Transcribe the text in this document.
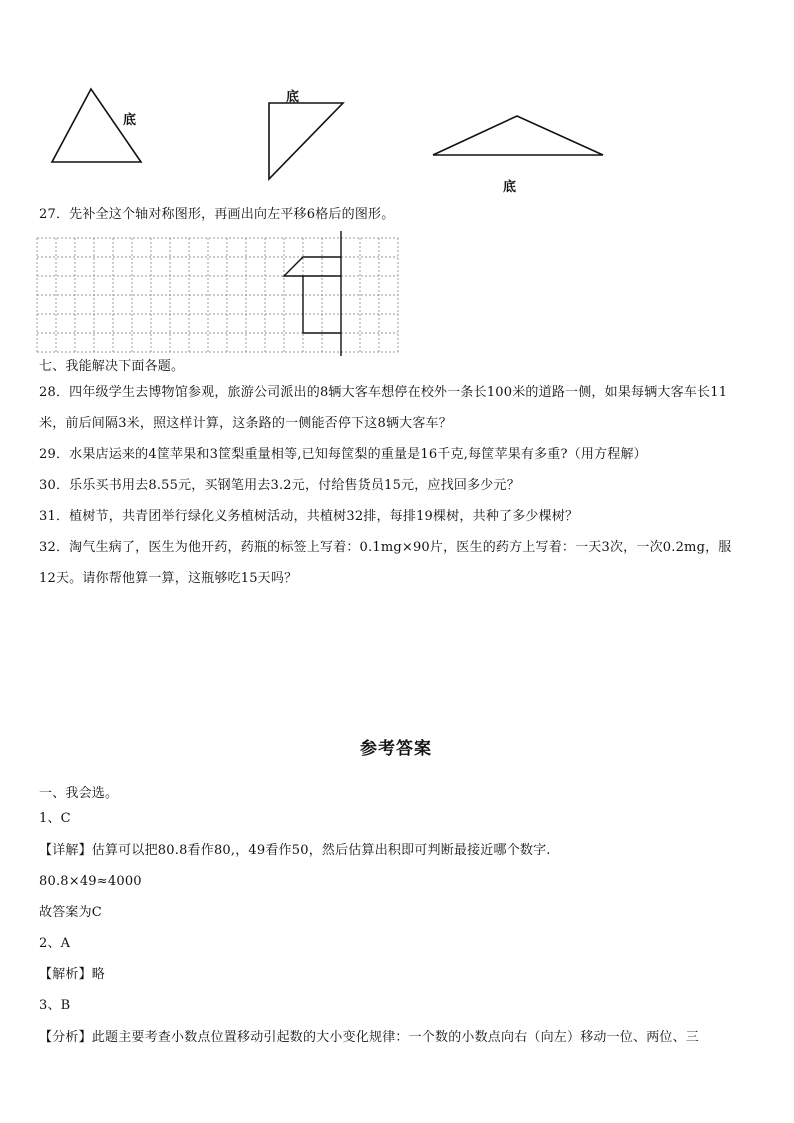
底
底
底
27．先补全这个轴对称图形，再画出向左平移6格后的图形。
七、我能解决下面各题。
28．四年级学生去博物馆参观，旅游公司派出的8辆大客车想停在校外一条长100米的道路一侧，如果每辆大客车长11
米，前后间隔3米，照这样计算，这条路的一侧能否停下这8辆大客车？
29．水果店运来的4筐苹果和3筐梨重量相等,已知每筐梨的重量是16千克,每筐苹果有多重?（用方程解）
30．乐乐买书用去8.55元，买钢笔用去3.2元，付给售货员15元，应找回多少元？
31．植树节，共青团举行绿化义务植树活动，共植树32排，每排19棵树，共种了多少棵树？
32．淘气生病了，医生为他开药，药瓶的标签上写着：0.1mg×90片，医生的药方上写着：一天3次，一次0.2mg，服
12天。请你帮他算一算，这瓶够吃15天吗？
参考答案
一、我会选。
1、C
【详解】估算可以把80.8看作80,，49看作50，然后估算出积即可判断最接近哪个数字.
80.8×49≈4000
故答案为C
2、A
【解析】略
3、B
【分析】此题主要考查小数点位置移动引起数的大小变化规律：一个数的小数点向右（向左）移动一位、两位、三
